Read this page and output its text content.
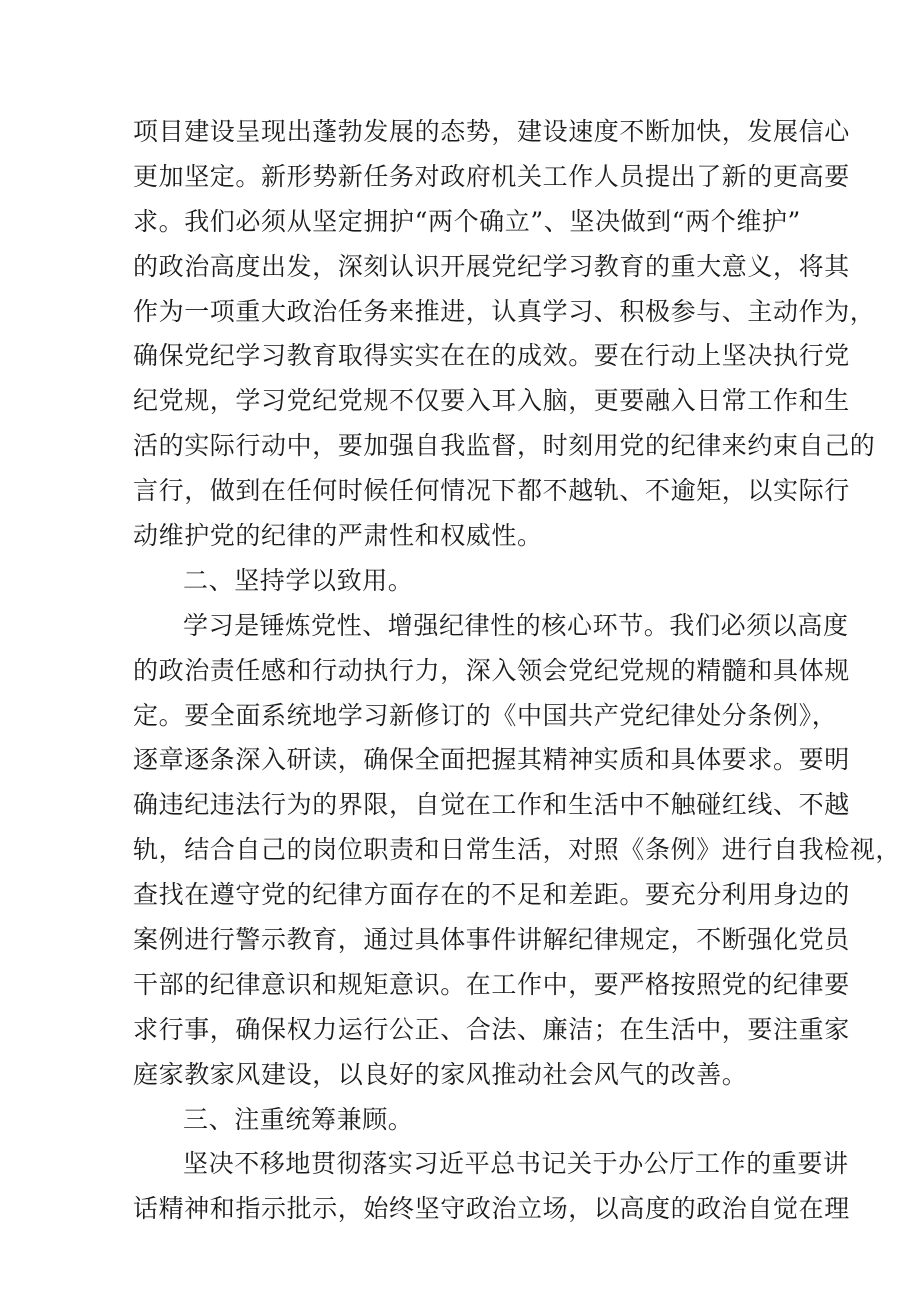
项目建设呈现出蓬勃发展的态势，建设速度不断加快，发展信心
更加坚定。新形势新任务对政府机关工作人员提出了新的更高要
求。我们必须从坚定拥护“两个确立”、坚决做到“两个维护”
的政治高度出发，深刻认识开展党纪学习教育的重大意义，将其
作为一项重大政治任务来推进，认真学习、积极参与、主动作为，
确保党纪学习教育取得实实在在的成效。要在行动上坚决执行党
纪党规，学习党纪党规不仅要入耳入脑，更要融入日常工作和生
活的实际行动中，要加强自我监督，时刻用党的纪律来约束自己的
言行，做到在任何时候任何情况下都不越轨、不逾矩，以实际行
动维护党的纪律的严肃性和权威性。
二、坚持学以致用。
学习是锤炼党性、增强纪律性的核心环节。我们必须以高度
的政治责任感和行动执行力，深入领会党纪党规的精髓和具体规
定。要全面系统地学习新修订的《中国共产党纪律处分条例》，
逐章逐条深入研读，确保全面把握其精神实质和具体要求。要明
确违纪违法行为的界限，自觉在工作和生活中不触碰红线、不越
轨，结合自己的岗位职责和日常生活，对照《条例》进行自我检视，
查找在遵守党的纪律方面存在的不足和差距。要充分利用身边的
案例进行警示教育，通过具体事件讲解纪律规定，不断强化党员
干部的纪律意识和规矩意识。在工作中，要严格按照党的纪律要
求行事，确保权力运行公正、合法、廉洁；在生活中，要注重家
庭家教家风建设，以良好的家风推动社会风气的改善。
三、注重统筹兼顾。
坚决不移地贯彻落实习近平总书记关于办公厅工作的重要讲
话精神和指示批示，始终坚守政治立场，以高度的政治自觉在理
